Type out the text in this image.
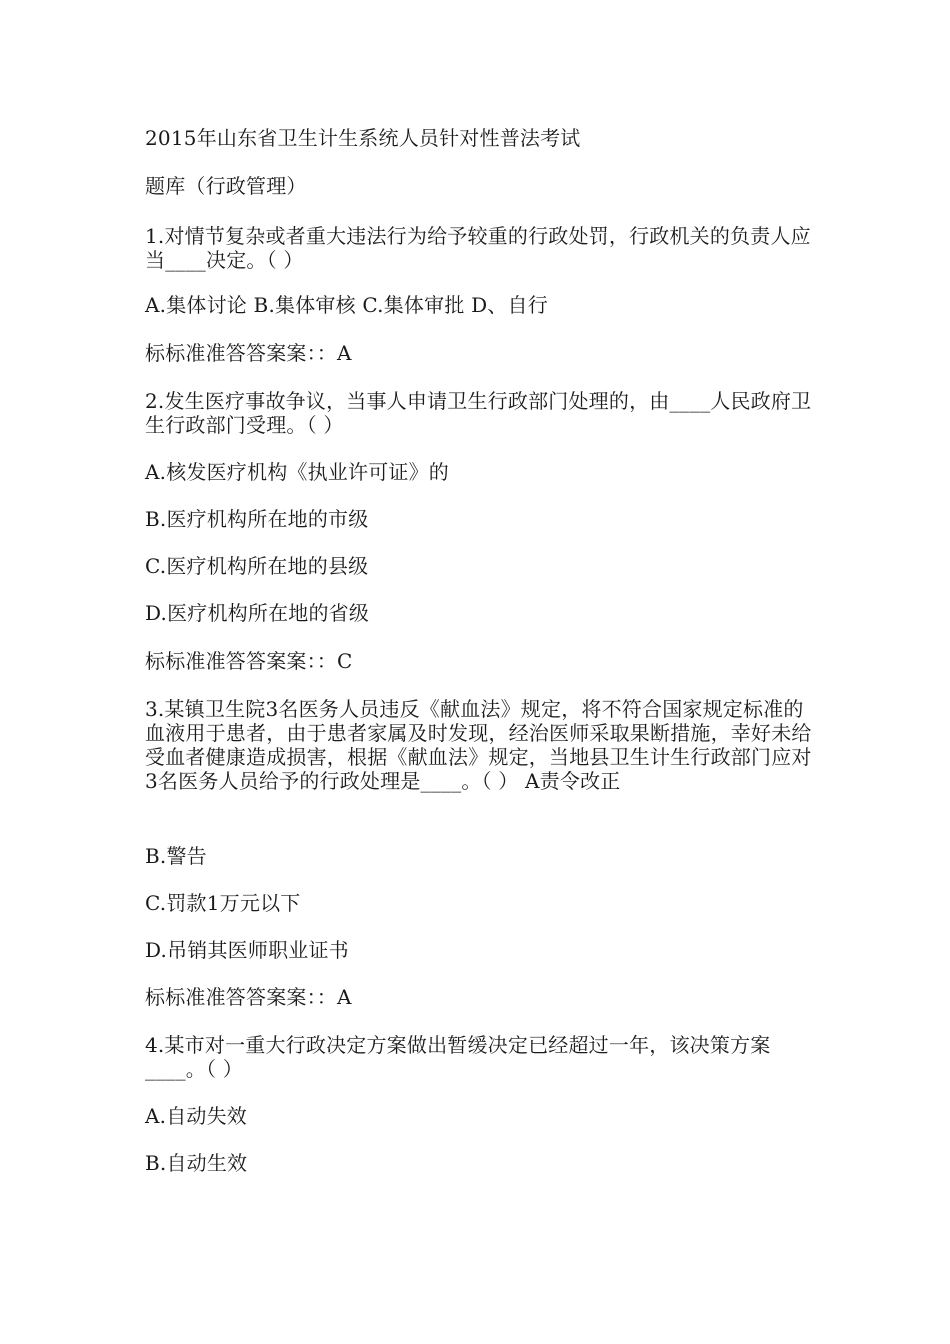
2015年山东省卫生计生系统人员针对性普法考试
题库（行政管理）
1.对情节复杂或者重大违法行为给予较重的行政处罚，行政机关的负责人应当____决定。（ ）
A.集体讨论 B.集体审核 C.集体审批 D、自行
标标准准答答案案：：A
2.发生医疗事故争议，当事人申请卫生行政部门处理的，由____人民政府卫生行政部门受理。（ ）
A.核发医疗机构《执业许可证》的
B.医疗机构所在地的市级
C.医疗机构所在地的县级
D.医疗机构所在地的省级
标标准准答答案案：：C
3.某镇卫生院3名医务人员违反《献血法》规定，将不符合国家规定标准的血液用于患者，由于患者家属及时发现，经治医师采取果断措施，幸好未给受血者健康造成损害，根据《献血法》规定，当地县卫生计生行政部门应对3名医务人员给予的行政处理是____。（ ） A责令改正
B.警告
C.罚款1万元以下
D.吊销其医师职业证书
标标准准答答案案：：A
4.某市对一重大行政决定方案做出暂缓决定已经超过一年，该决策方案____。（ ）
A.自动失效
B.自动生效
